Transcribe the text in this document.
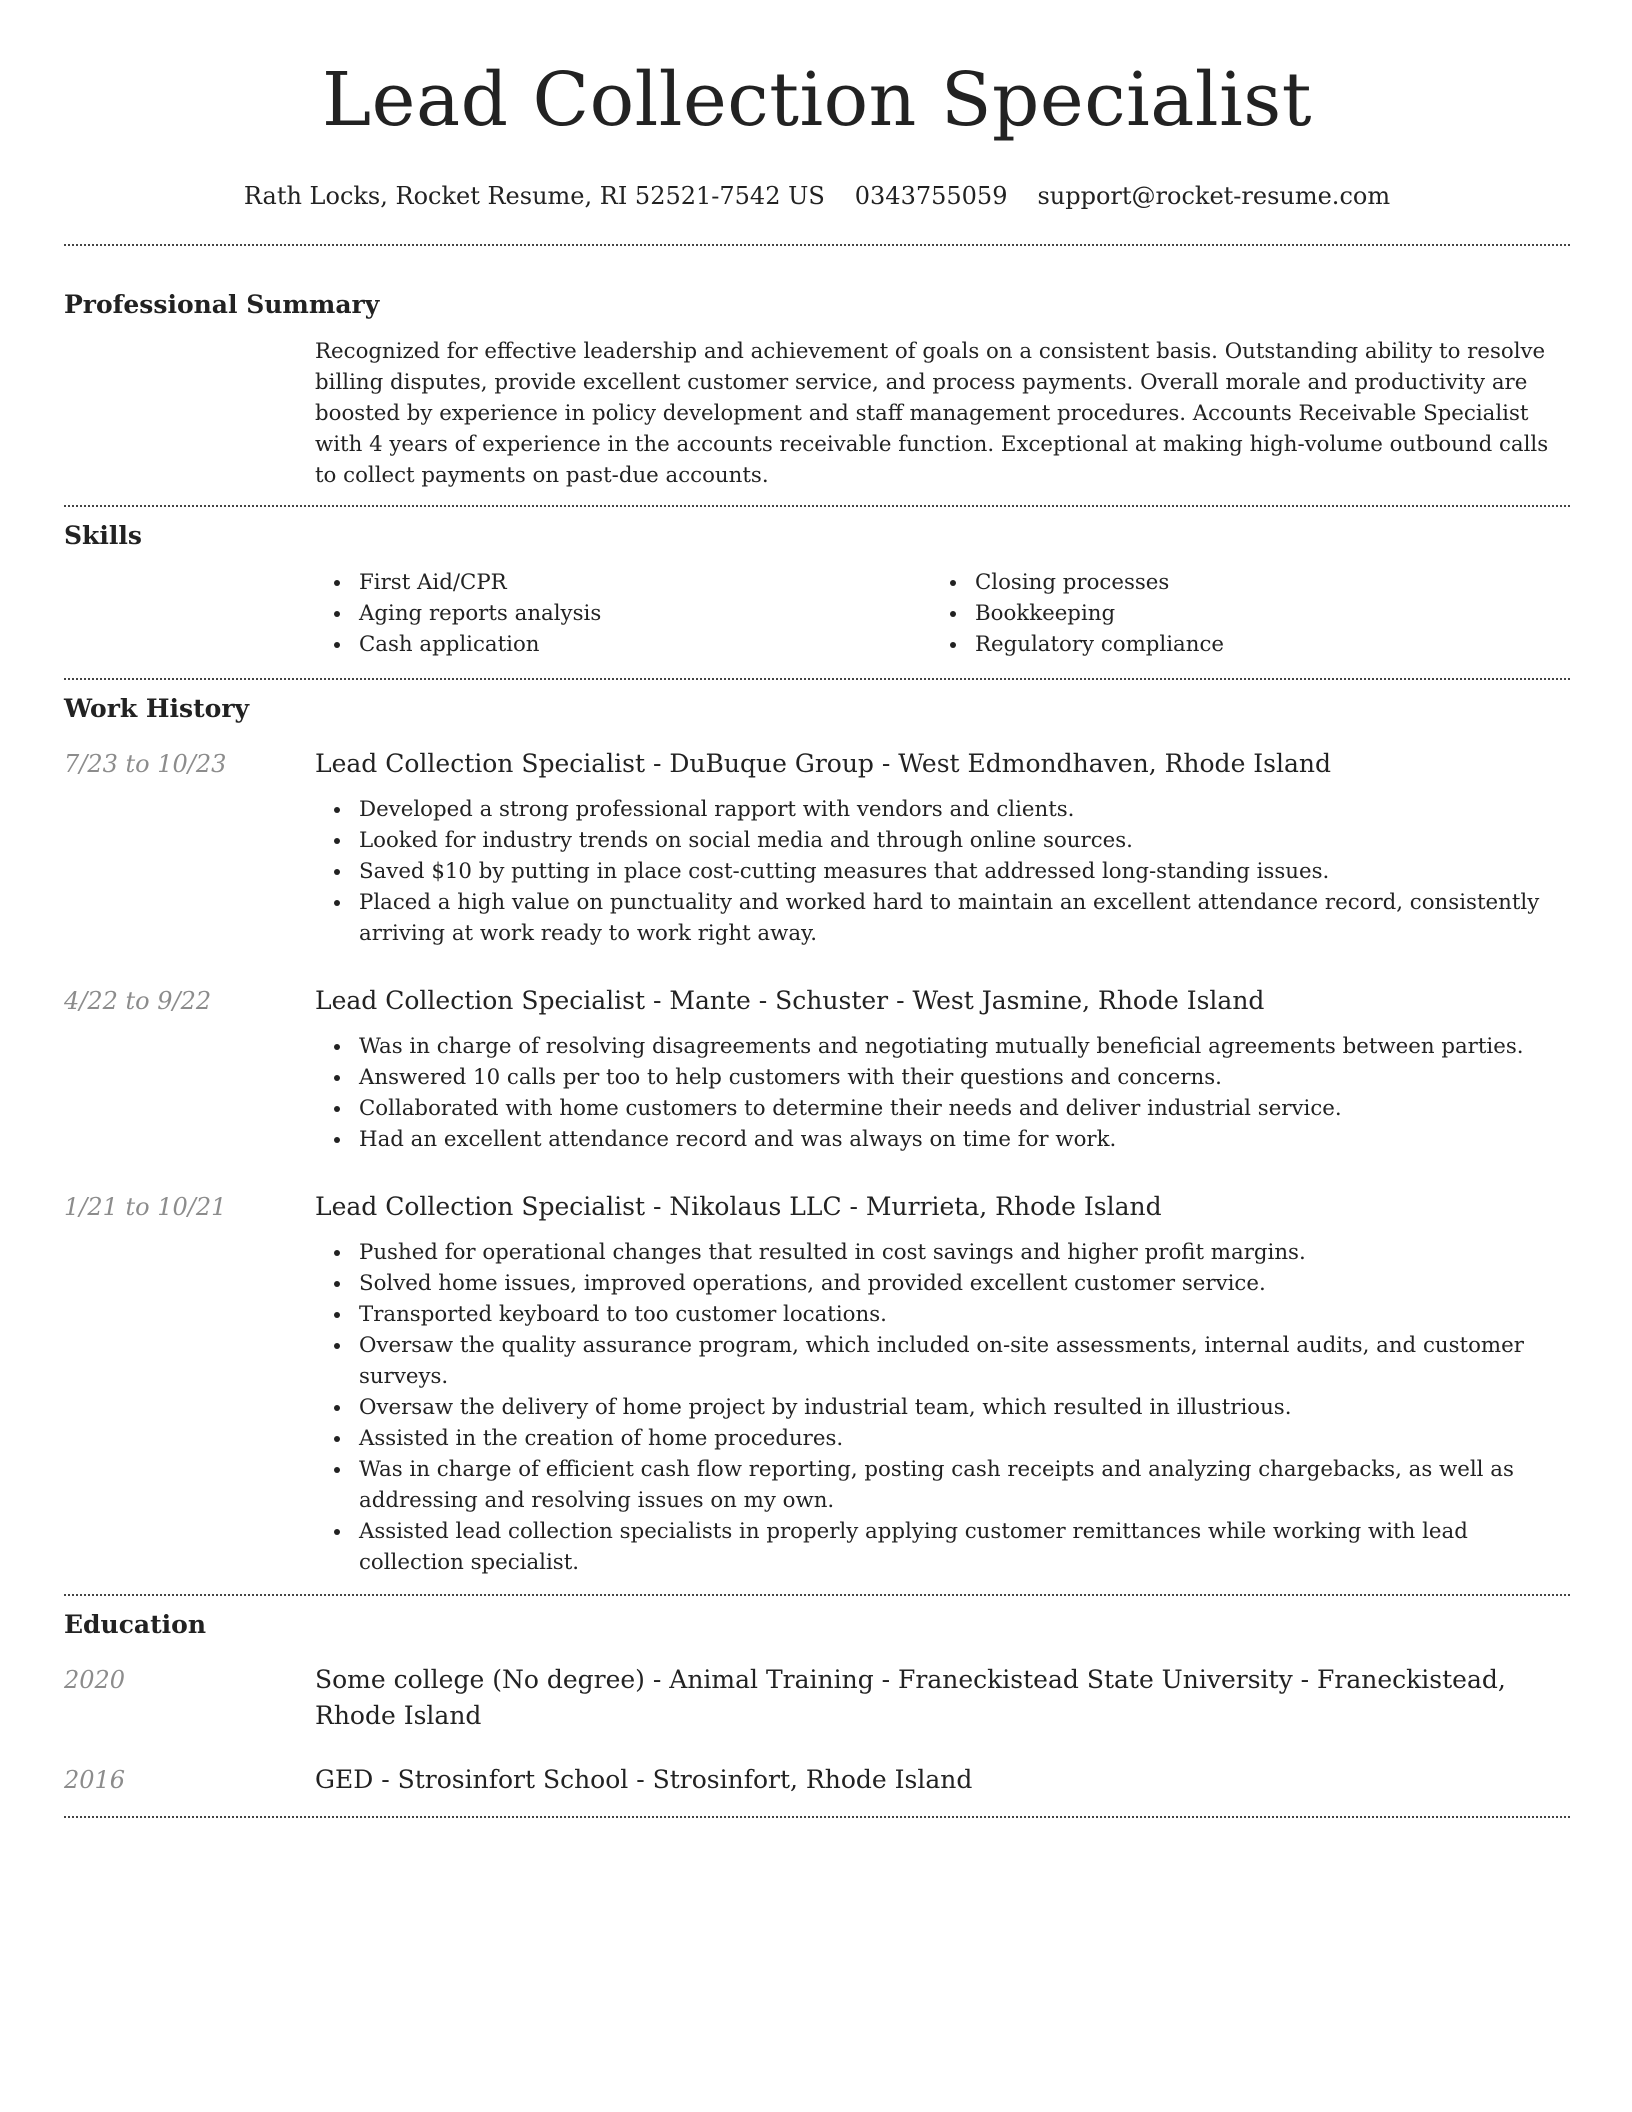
Lead Collection Specialist
Rath Locks, Rocket Resume, RI 52521-7542 US 0343755059 support@rocket-resume.com
Professional Summary

Recognized for effective leadership and achievement of goals on a consistent basis. Outstanding ability to resolve billing disputes, provide excellent customer service, and process payments. Overall morale and productivity are boosted by experience in policy development and staff management procedures. Accounts Receivable Specialist with 4 years of experience in the accounts receivable function. Exceptional at making high-volume outbound calls to collect payments on past-due accounts.

Skills
First Aid/CPR
Aging reports analysis
Cash application
Closing processes
Bookkeeping
Regulatory compliance
Work History
7/23 to 10/23	Lead Collection Specialist - DuBuque Group - West Edmondhaven, Rhode Island
Developed a strong professional rapport with vendors and clients.
Looked for industry trends on social media and through online sources.
Saved $10 by putting in place cost-cutting measures that addressed long-standing issues.
Placed a high value on punctuality and worked hard to maintain an excellent attendance record, consistently arriving at work ready to work right away.
4/22 to 9/22	Lead Collection Specialist - Mante - Schuster - West Jasmine, Rhode Island
Was in charge of resolving disagreements and negotiating mutually beneficial agreements between parties.
Answered 10 calls per too to help customers with their questions and concerns.
Collaborated with home customers to determine their needs and deliver industrial service.
Had an excellent attendance record and was always on time for work.
1/21 to 10/21	Lead Collection Specialist - Nikolaus LLC - Murrieta, Rhode Island
Pushed for operational changes that resulted in cost savings and higher profit margins.
Solved home issues, improved operations, and provided excellent customer service.
Transported keyboard to too customer locations.
Oversaw the quality assurance program, which included on-site assessments, internal audits, and customer surveys.
Oversaw the delivery of home project by industrial team, which resulted in illustrious.
Assisted in the creation of home procedures.
Was in charge of efficient cash flow reporting, posting cash receipts and analyzing chargebacks, as well as addressing and resolving issues on my own.
Assisted lead collection specialists in properly applying customer remittances while working with lead collection specialist.
Education
2020	Some college (No degree) - Animal Training - Franeckistead State University - Franeckistead, Rhode Island
2016	GED - Strosinfort School - Strosinfort, Rhode Island
